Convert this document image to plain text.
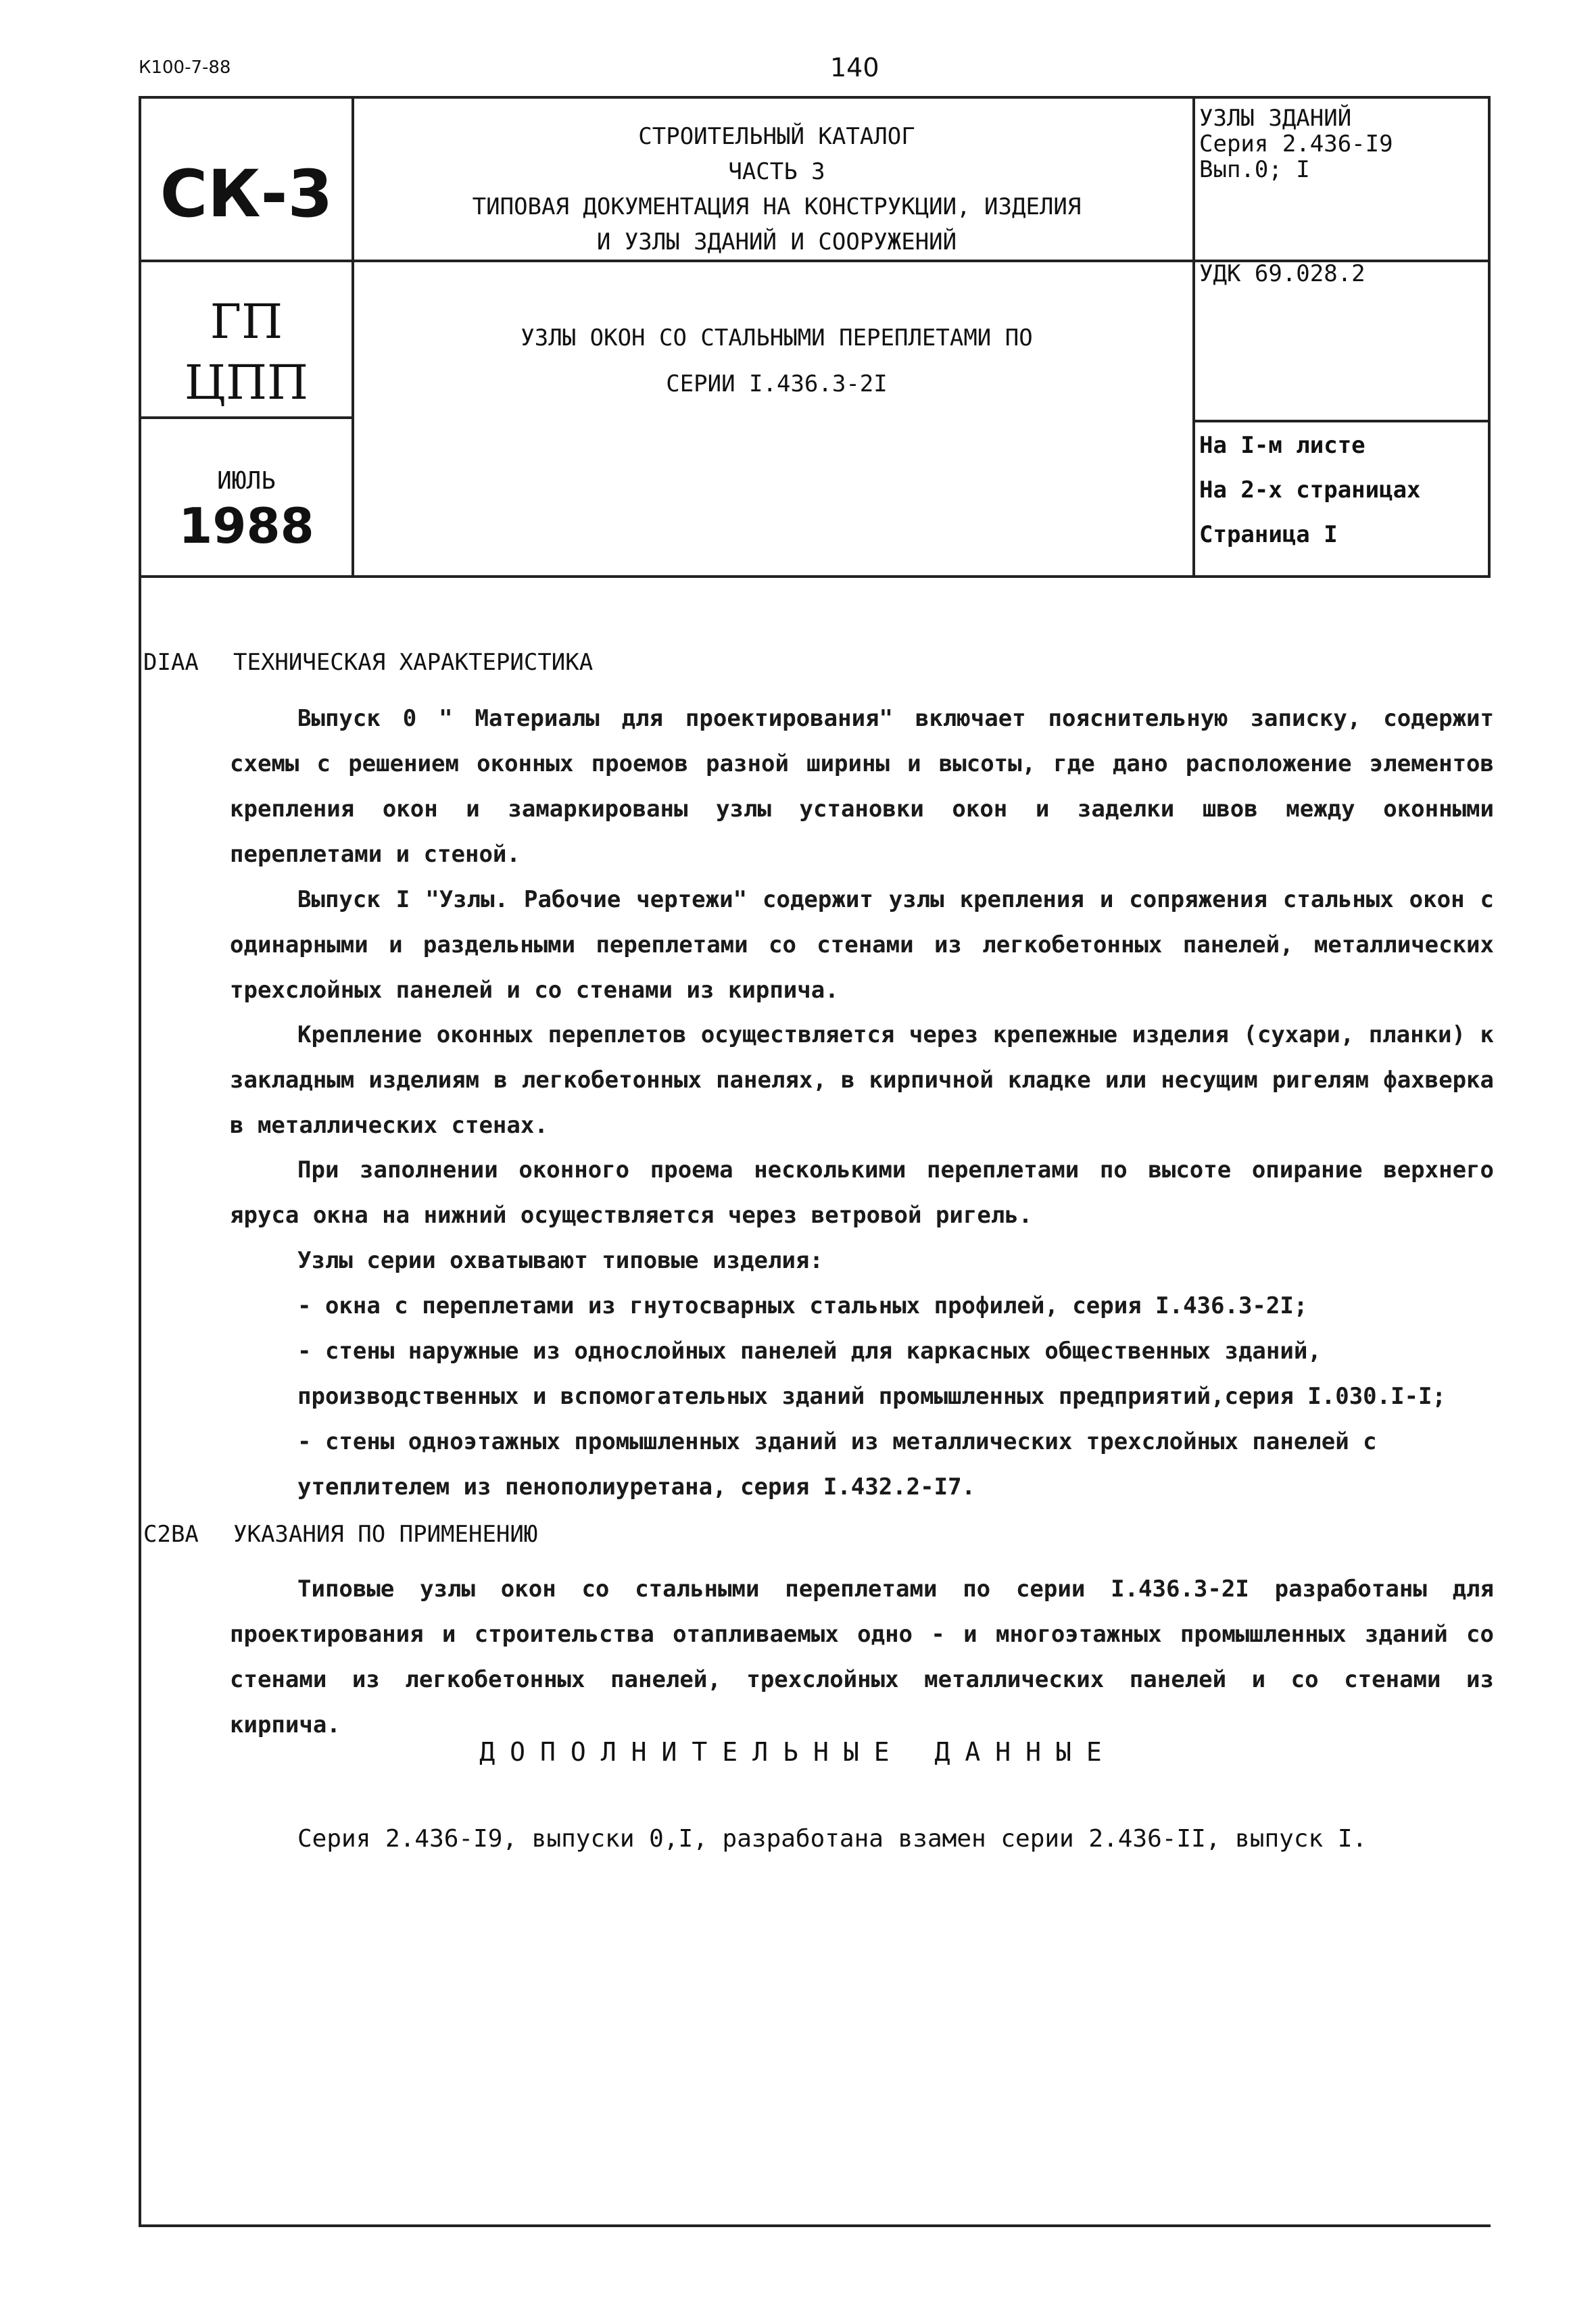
К100-7-88	140
СК-3
ГП
ЦПП
ИЮЛЬ
1988
СТРОИТЕЛЬНЫЙ КАТАЛОГ
ЧАСТЬ 3
ТИПОВАЯ ДОКУМЕНТАЦИЯ НА КОНСТРУКЦИИ, ИЗДЕЛИЯ
И УЗЛЫ ЗДАНИЙ И СООРУЖЕНИЙ
УЗЛЫ ОКОН СО СТАЛЬНЫМИ ПЕРЕПЛЕТАМИ ПО
СЕРИИ I.436.3-2I
УЗЛЫ ЗДАНИЙ
Серия 2.436-I9
Вып.0; I
УДК 69.028.2
На I-м листе
На 2-х страницах
Страница I
DIAA ТЕХНИЧЕСКАЯ ХАРАКТЕРИСТИКА
Выпуск 0 " Материалы для проектирования" включает пояснительную записку, содержит схемы с решением оконных проемов разной ширины и высоты, где дано расположение элементов крепления окон и замаркированы узлы установки окон и заделки швов между оконными переплетами и стеной.
Выпуск I "Узлы. Рабочие чертежи" содержит узлы крепления и сопряжения стальных окон с одинарными и раздельными переплетами со стенами из легкобетонных панелей, металлических трехслойных панелей и со стенами из кирпича.
Крепление оконных переплетов осуществляется через крепежные изделия (сухари, планки) к закладным изделиям в легкобетонных панелях, в кирпичной кладке или несущим ригелям фахверка в металлических стенах.
При заполнении оконного проема несколькими переплетами по высоте опирание верхнего яруса окна на нижний осуществляется через ветровой ригель.
Узлы серии охватывают типовые изделия:
- окна с переплетами из гнутосварных стальных профилей, серия I.436.3-2I;
- стены наружные из однослойных панелей для каркасных общественных зданий, производственных и вспомогательных зданий промышленных предприятий,серия I.030.I-I;
- стены одноэтажных промышленных зданий из металлических трехслойных панелей с утеплителем из пенополиуретана, серия I.432.2-I7.
C2BA УКАЗАНИЯ ПО ПРИМЕНЕНИЮ
Типовые узлы окон со стальными переплетами по серии I.436.3-2I разработаны для проектирования и строительства отапливаемых одно - и многоэтажных промышленных зданий со стенами из легкобетонных панелей, трехслойных металлических панелей и со стенами из кирпича.
ДОПОЛНИТЕЛЬНЫЕ ДАННЫЕ
Серия 2.436-I9, выпуски 0,I, разработана взамен серии 2.436-II, выпуск I.
